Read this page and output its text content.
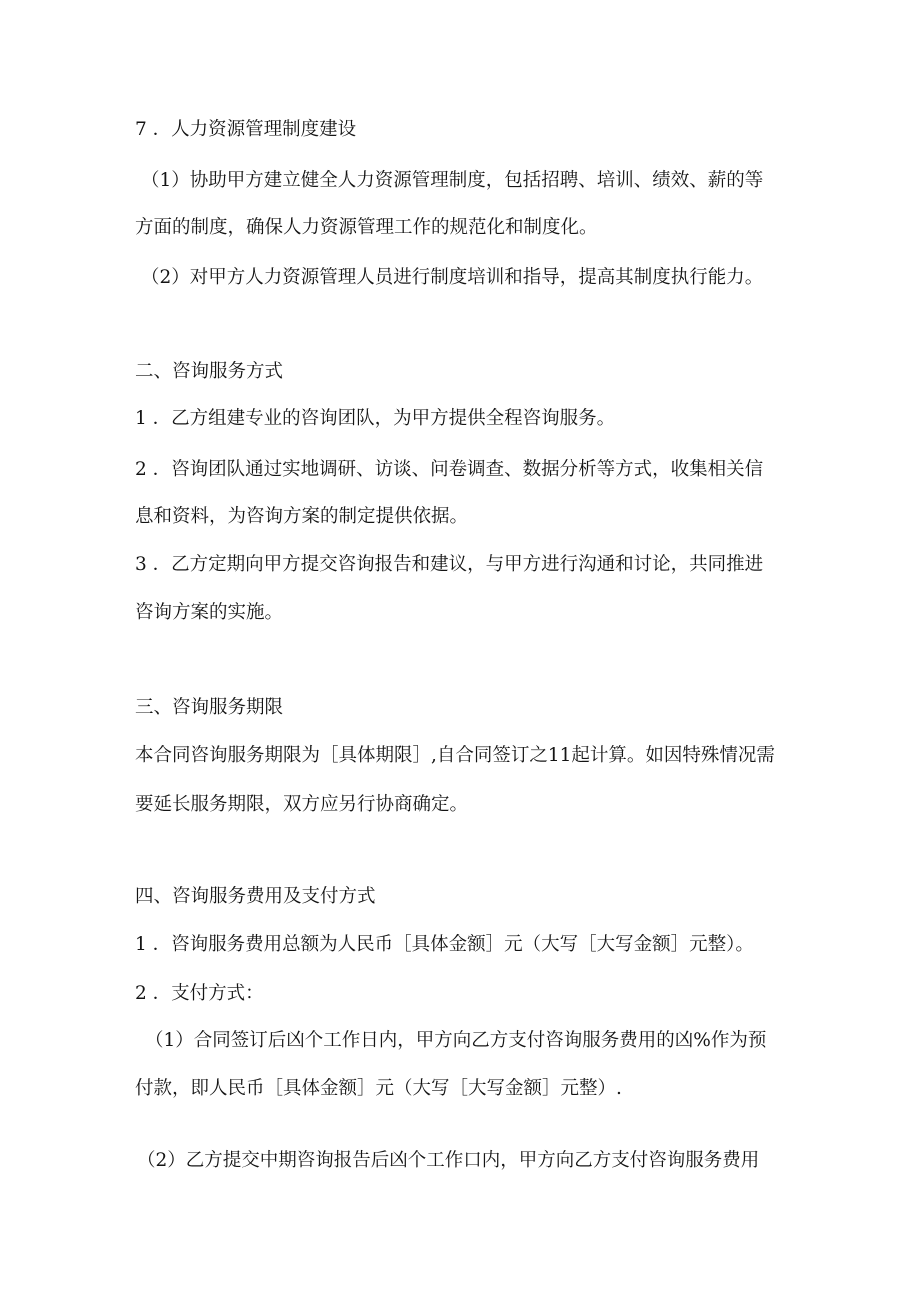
7 ．人力资源管理制度建设
（1）协助甲方建立健全人力资源管理制度，包括招聘、培训、绩效、薪的等
方面的制度，确保人力资源管理工作的规范化和制度化。
（2）对甲方人力资源管理人员进行制度培训和指导，提高其制度执行能力。
二、咨询服务方式
1 ．乙方组建专业的咨询团队，为甲方提供全程咨询服务。
2 ．咨询团队通过实地调研、访谈、问卷调查、数据分析等方式，收集相关信
息和资料，为咨询方案的制定提供依据。
3 ．乙方定期向甲方提交咨询报告和建议，与甲方进行沟通和讨论，共同推进
咨询方案的实施。
三、咨询服务期限
本合同咨询服务期限为［具体期限］,自合同签订之11起计算。如因特殊情况需
要延长服务期限，双方应另行协商确定。
四、咨询服务费用及支付方式
1 ．咨询服务费用总额为人民币［具体金额］元（大写［大写金额］元整）。
2 ．支付方式：
（1）合同签订后凶个工作日内，甲方向乙方支付咨询服务费用的凶%作为预
付款，即人民币［具体金额］元（大写［大写金额］元整）.
（2）乙方提交中期咨询报告后凶个工作口内，甲方向乙方支付咨询服务费用
